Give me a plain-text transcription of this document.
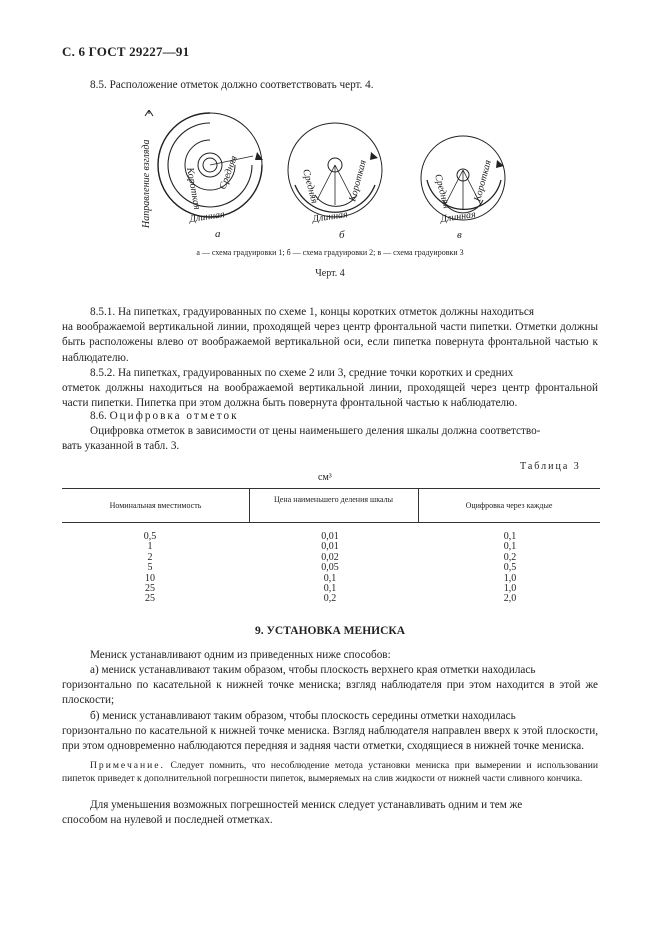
С. 6 ГОСТ 29227—91
8.5. Расположение отметок должно соответствовать черт. 4.
Направление взгляда	Короткая Средняя
Длинная
а
Средняя	Короткая
Длинная
б
Средняя Короткая
Длинная
в
а — схема градуировки 1; б — схема градуировки 2; в — схема градуировки 3
Черт. 4
8.5.1. На пипетках, градуированных по схеме 1, концы коротких отметок должны находиться
на воображаемой вертикальной линии, проходящей через центр фронтальной части пипетки. Отметки должны быть расположены влево от воображаемой вертикальной оси, если пипетка повернута фронтальной частью к наблюдателю.
8.5.2. На пипетках, градуированных по схеме 2 или 3, средние точки коротких и средних
отметок должны находиться на воображаемой вертикальной линии, проходящей через центр фронтальной части пипетки. Пипетка при этом должна быть повернута фронтальной частью к наблюдателю.
8.6. Оцифровка отметок
Оцифровка отметок в зависимости от цены наименьшего деления шкалы должна соответство-
вать указанной в табл. 3.
Таблица 3
см³
Номинальная вместимость
Цена наименьшего деления шкалы
Оцифровка через каждые
0,5
1
2
5
10
25
25
0,01
0,01
0,02
0,05
0,1
0,1
0,2
0,1
0,1
0,2
0,5
1,0
1,0
2,0
9. УСТАНОВКА МЕНИСКА
Мениск устанавливают одним из приведенных ниже способов:
а) мениск устанавливают таким образом, чтобы плоскость верхнего края отметки находилась
горизонтально по касательной к нижней точке мениска; взгляд наблюдателя при этом находится в этой же плоскости;
б) мениск устанавливают таким образом, чтобы плоскость середины отметки находилась
горизонтально по касательной к нижней точке мениска. Взгляд наблюдателя направлен вверх к этой плоскости, при этом одновременно наблюдаются передняя и задняя части отметки, сходящиеся в нижней точке мениска.
Примечание. Следует помнить, что несоблюдение метода установки мениска при вымерении и использовании пипеток приведет к дополнительной погрешности пипеток, вымеряемых на слив жидкости от нижней части сливного кончика.
Для уменьшения возможных погрешностей мениск следует устанавливать одним и тем же
способом на нулевой и последней отметках.
